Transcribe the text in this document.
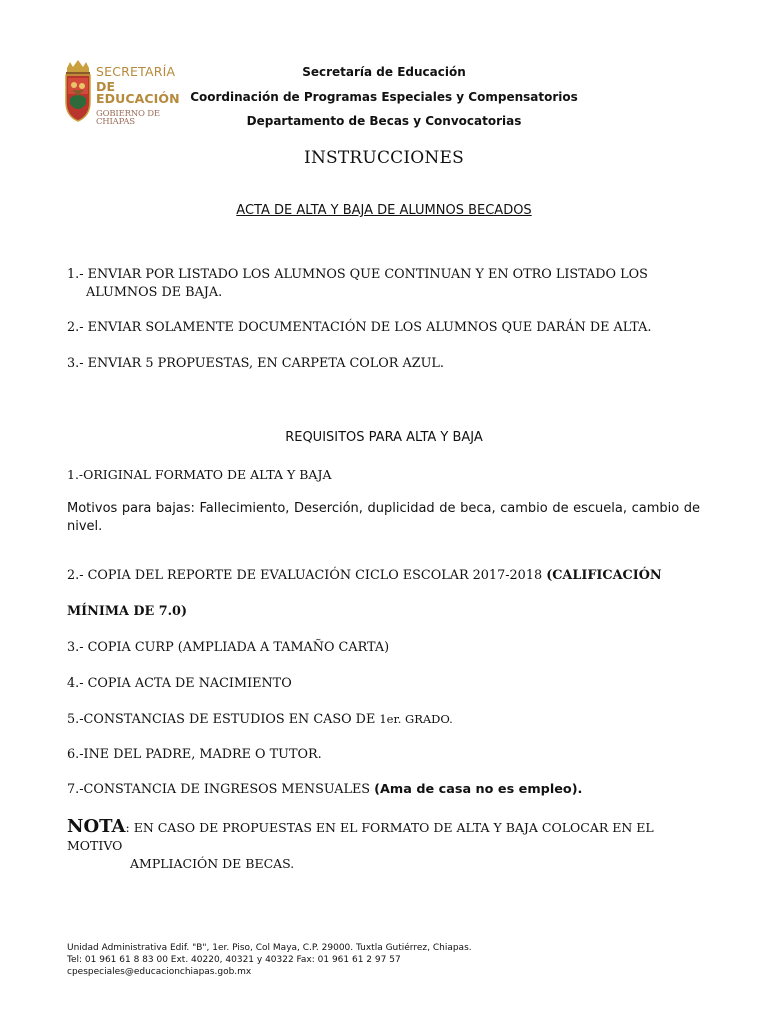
SECRETARÍA
DE EDUCACIÓN
GOBIERNO DE CHIAPAS
Secretaría de Educación
Coordinación de Programas Especiales y Compensatorios
Departamento de Becas y Convocatorias
INSTRUCCIONES
ACTA DE ALTA Y BAJA DE ALUMNOS BECADOS
1.- ENVIAR POR LISTADO LOS ALUMNOS QUE CONTINUAN Y EN OTRO LISTADO LOS
ALUMNOS DE BAJA.
2.- ENVIAR SOLAMENTE DOCUMENTACIÓN DE LOS ALUMNOS QUE DARÁN DE ALTA.
3.- ENVIAR 5 PROPUESTAS, EN CARPETA COLOR AZUL.
REQUISITOS PARA ALTA Y BAJA
1.-ORIGINAL FORMATO DE ALTA Y BAJA
Motivos para bajas: Fallecimiento, Deserción, duplicidad de beca, cambio de escuela, cambio de nivel.
2.- COPIA DEL REPORTE DE EVALUACIÓN CICLO ESCOLAR 2017-2018 (CALIFICACIÓN
MÍNIMA DE 7.0)
3.- COPIA CURP (AMPLIADA A TAMAÑO CARTA)
4.- COPIA ACTA DE NACIMIENTO
5.-CONSTANCIAS DE ESTUDIOS EN CASO DE 1er. GRADO.
6.-INE DEL PADRE, MADRE O TUTOR.
7.-CONSTANCIA DE INGRESOS MENSUALES (Ama de casa no es empleo).
NOTA: EN CASO DE PROPUESTAS EN EL FORMATO DE ALTA Y BAJA COLOCAR EN EL MOTIVO
AMPLIACIÓN DE BECAS.
Unidad Administrativa Edif. "B", 1er. Piso, Col Maya, C.P. 29000. Tuxtla Gutiérrez, Chiapas.
Tel: 01 961 61 8 83 00 Ext. 40220, 40321 y 40322 Fax: 01 961 61 2 97 57
cpespeciales@educacionchiapas.gob.mx
